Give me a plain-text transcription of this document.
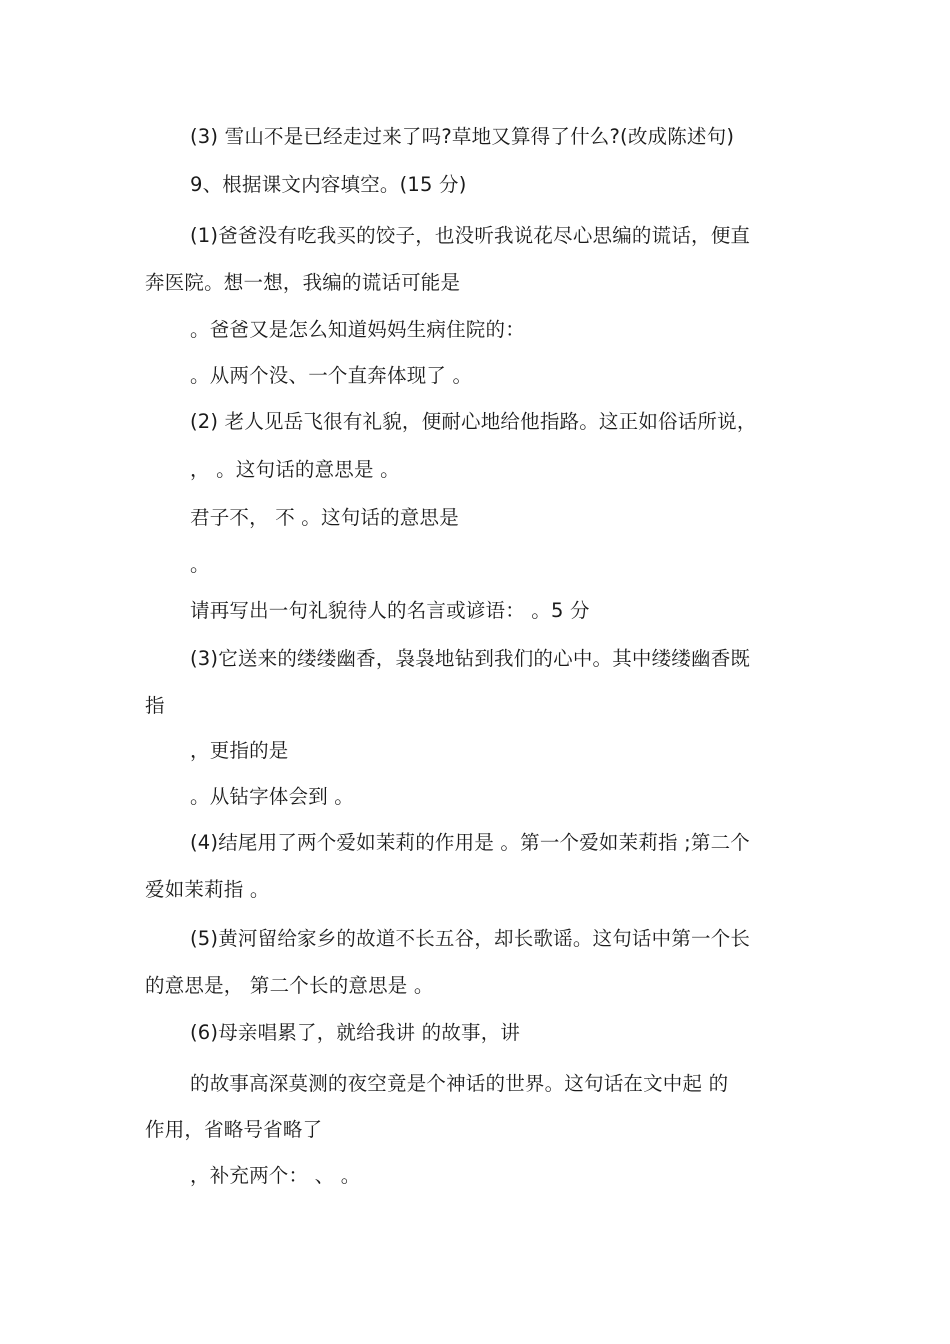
(3) 雪山不是已经走过来了吗?草地又算得了什么?(改成陈述句)
9、根据课文内容填空。(15 分)
(1)爸爸没有吃我买的饺子，也没听我说花尽心思编的谎话，便直
奔医院。想一想，我编的谎话可能是
。爸爸又是怎么知道妈妈生病住院的：
。从两个没、一个直奔体现了 。
(2) 老人见岳飞很有礼貌，便耐心地给他指路。这正如俗话所说，
， 。这句话的意思是 。
君子不， 不 。这句话的意思是
。
请再写出一句礼貌待人的名言或谚语： 。5 分
(3)它送来的缕缕幽香，袅袅地钻到我们的心中。其中缕缕幽香既
指
，更指的是
。从钻字体会到 。
(4)结尾用了两个爱如茉莉的作用是 。第一个爱如茉莉指 ;第二个
爱如茉莉指 。
(5)黄河留给家乡的故道不长五谷，却长歌谣。这句话中第一个长
的意思是， 第二个长的意思是 。
(6)母亲唱累了，就给我讲 的故事，讲
的故事高深莫测的夜空竟是个神话的世界。这句话在文中起 的
作用，省略号省略了
，补充两个： 、 。
